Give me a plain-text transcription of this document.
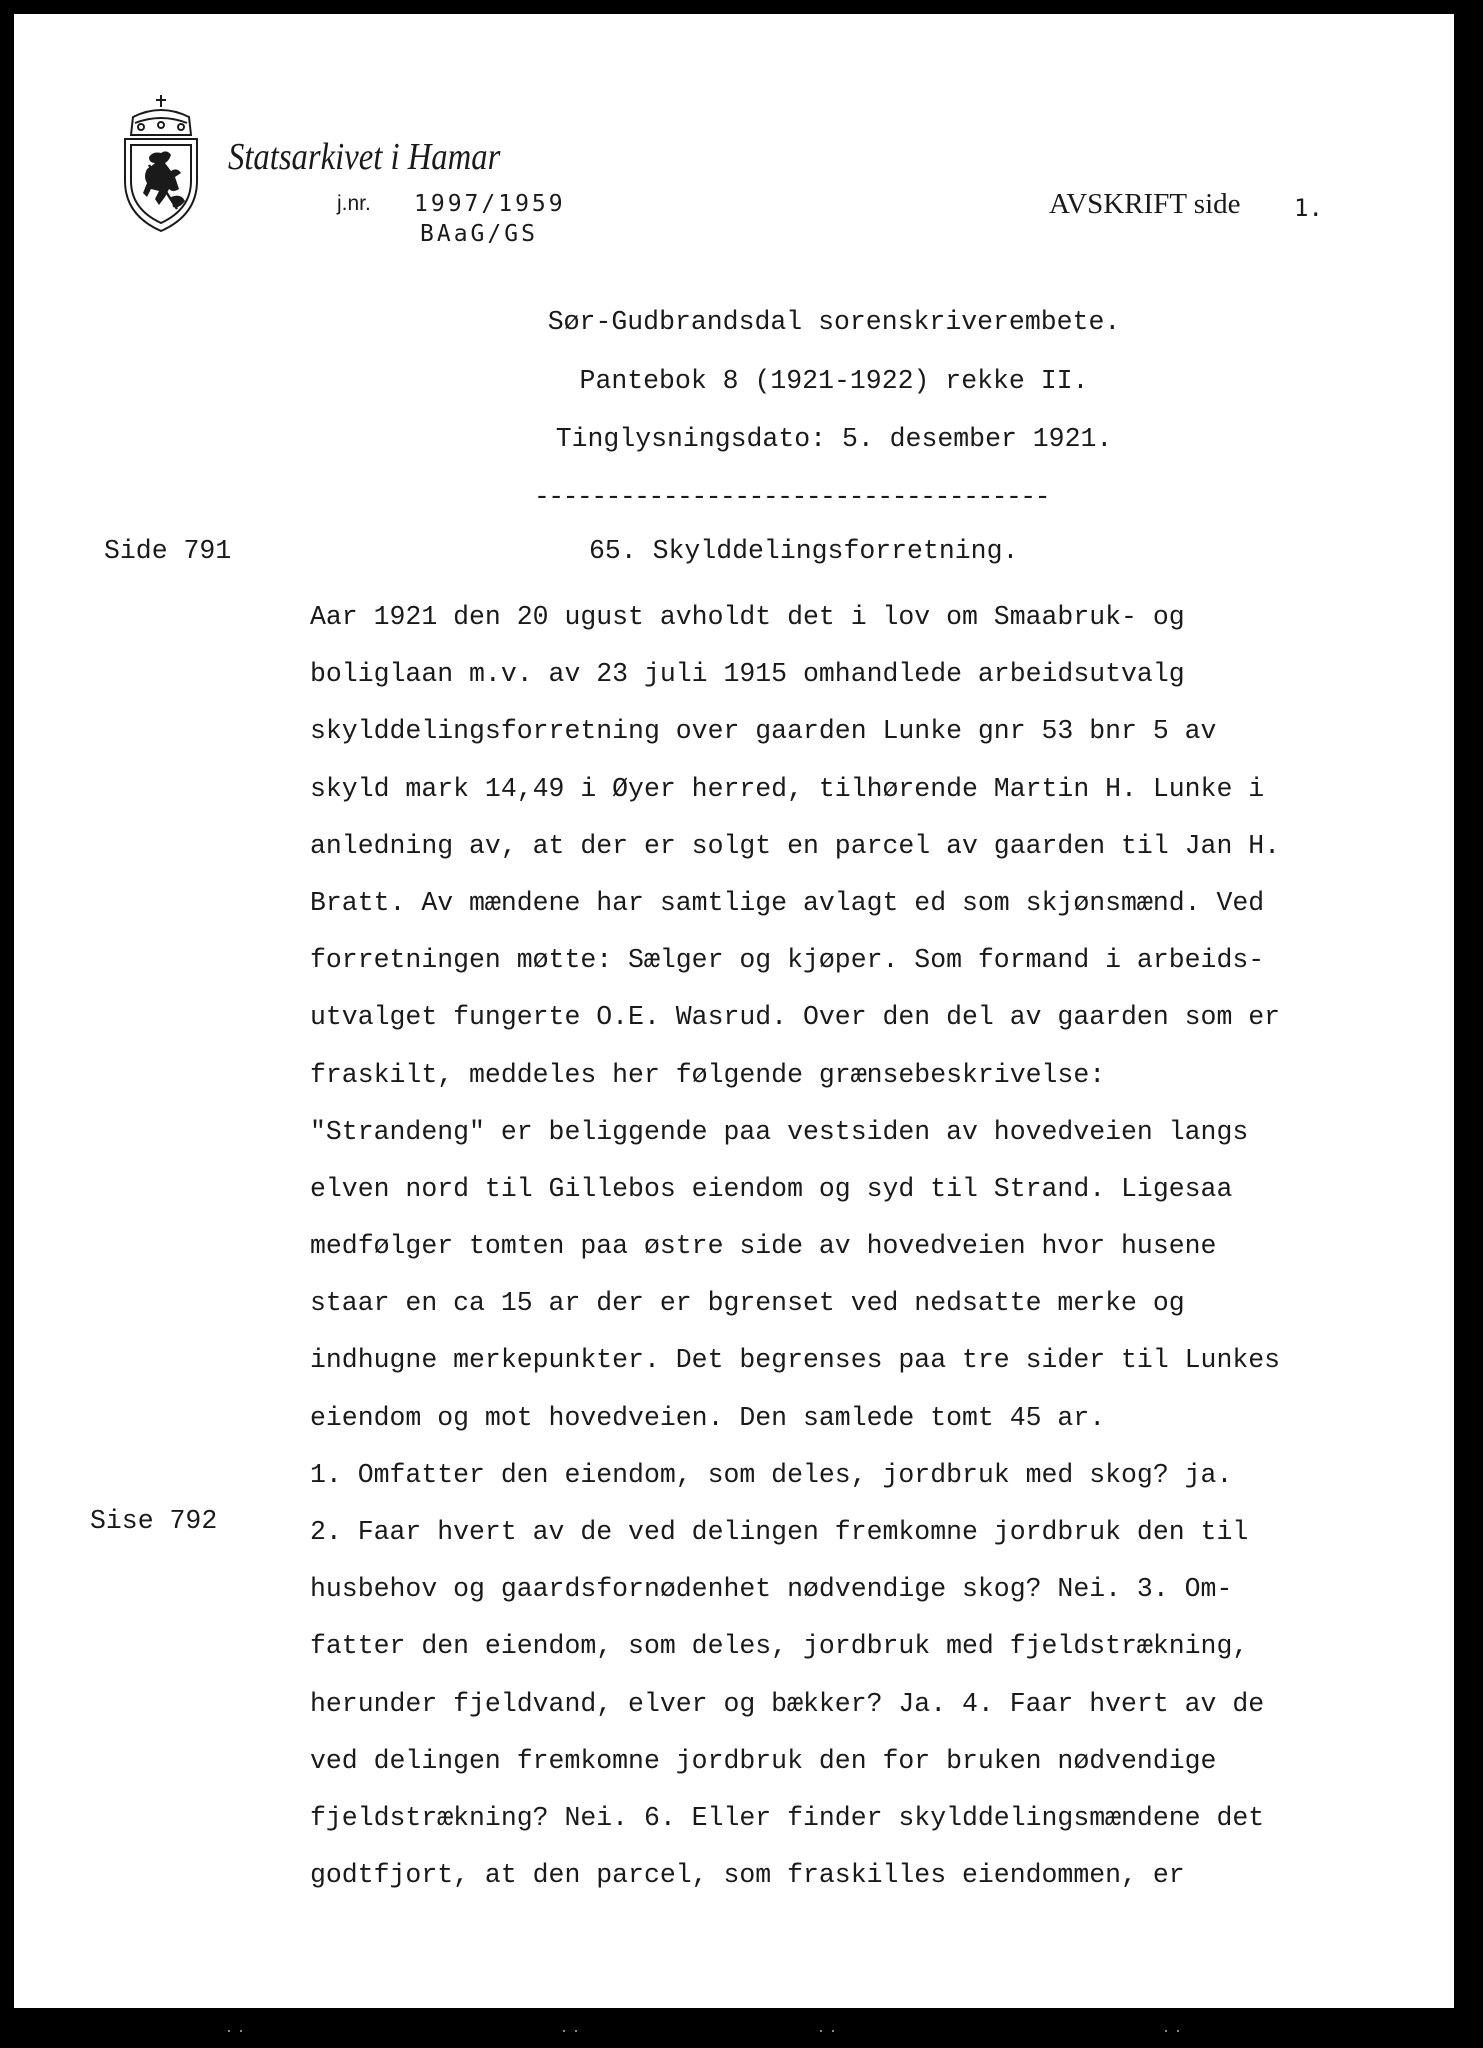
Statsarkivet i Hamar
j.nr. 1997/1959
BAaG/GS
AVSKRIFT side 1.
Sør-Gudbrandsdal sorenskriverembete.
Pantebok 8 (1921-1922) rekke II.
Tinglysningsdato: 5. desember 1921.
------------------------------------
Side 791	65. Skylddelingsforretning.
Sise 792
Aar 1921 den 20 ugust avholdt det i lov om Smaabruk- og
boliglaan m.v. av 23 juli 1915 omhandlede arbeidsutvalg
skylddelingsforretning over gaarden Lunke gnr 53 bnr 5 av
skyld mark 14,49 i Øyer herred, tilhørende Martin H. Lunke i
anledning av, at der er solgt en parcel av gaarden til Jan H.
Bratt. Av mændene har samtlige avlagt ed som skjønsmænd. Ved
forretningen møtte: Sælger og kjøper. Som formand i arbeids-
utvalget fungerte O.E. Wasrud. Over den del av gaarden som er
fraskilt, meddeles her følgende grænsebeskrivelse:
"Strandeng" er beliggende paa vestsiden av hovedveien langs
elven nord til Gillebos eiendom og syd til Strand. Ligesaa
medfølger tomten paa østre side av hovedveien hvor husene
staar en ca 15 ar der er bgrenset ved nedsatte merke og
indhugne merkepunkter. Det begrenses paa tre sider til Lunkes
eiendom og mot hovedveien. Den samlede tomt 45 ar.
1. Omfatter den eiendom, som deles, jordbruk med skog? ja.
2. Faar hvert av de ved delingen fremkomne jordbruk den til
husbehov og gaardsfornødenhet nødvendige skog? Nei. 3. Om-
fatter den eiendom, som deles, jordbruk med fjeldstrækning,
herunder fjeldvand, elver og bækker? Ja. 4. Faar hvert av de
ved delingen fremkomne jordbruk den for bruken nødvendige
fjeldstrækning? Nei. 6. Eller finder skylddelingsmændene det
godtfjort, at den parcel, som fraskilles eiendommen, er
